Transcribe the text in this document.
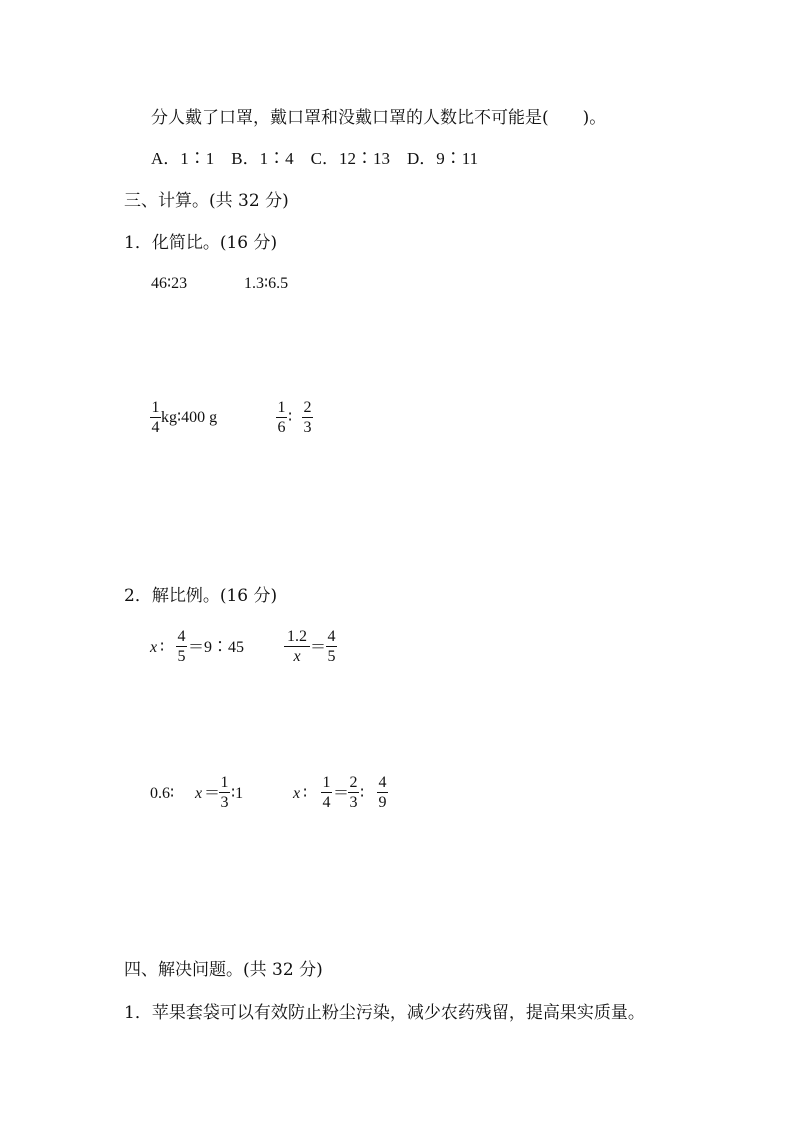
分人戴了口罩，戴口罩和没戴口罩的人数比不可能是(　　)。
A．1∶1　B．1∶4　C．12∶13　D．9∶11
三、计算。(共 32 分)
1．化简比。(16 分)
46∶23	1.3∶6.5
1
4
kg∶400 g
1
6
∶
2
3
2．解比例。(16 分)
x ∶
4
5
＝9∶45
1.2
x
＝
4
5
0.6∶ x ＝
1
3
∶1	x ∶
1
4
＝
2
3
∶
4
9
四、解决问题。(共 32 分)
1．苹果套袋可以有效防止粉尘污染，减少农药残留，提高果实质量。
